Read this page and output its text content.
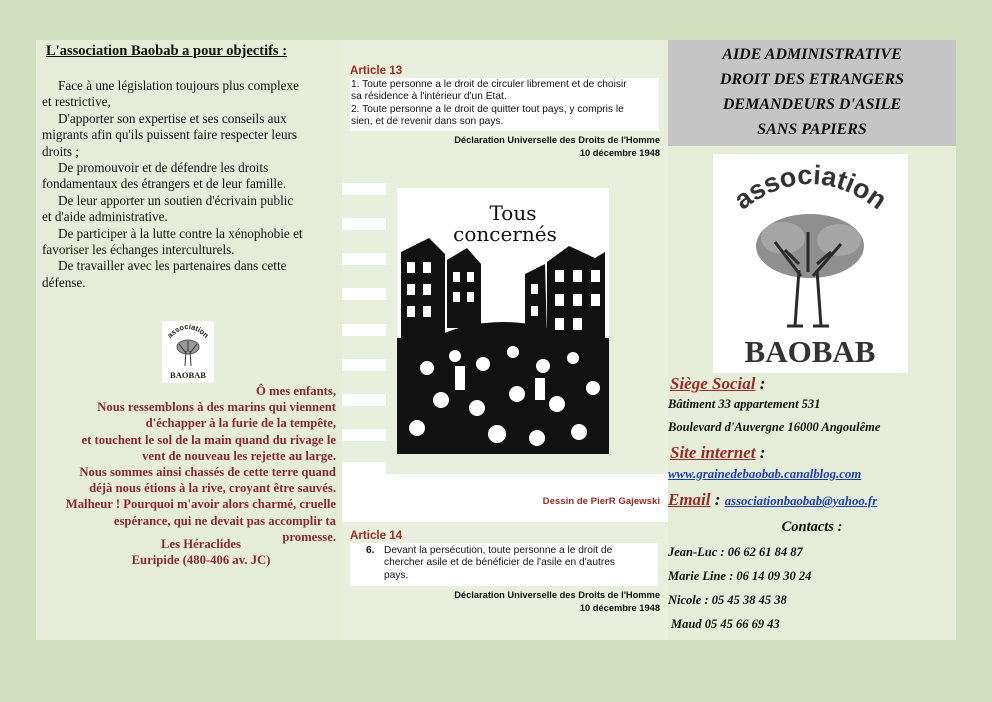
L'association Baobab a pour objectifs :

Face à une législation toujours plus complexe
et restrictive,

D'apporter son expertise et ses conseils aux
migrants afin qu'ils puissent faire respecter leurs
droits ;

De promouvoir et de défendre les droits
fondamentaux des étrangers et de leur famille.

De leur apporter un soutien d'écrivain public
et d'aide administrative.

De participer à la lutte contre la xénophobie et
favoriser les échanges interculturels.

De travailler avec les partenaires dans cette
défense.

association
BAOBAB
Ô mes enfants,
Nous ressemblons à des marins qui viennent
d'échapper à la furie de la tempête,
et touchent le sol de la main quand du rivage le
vent de nouveau les rejette au large.
Nous sommes ainsi chassés de cette terre quand
déjà nous étions à la rive, croyant être sauvés.
Malheur ! Pourquoi m'avoir alors charmé, cruelle
espérance, qui ne devait pas accomplir ta
promesse.
Les Héraclides
Euripide (480-406 av. JC)
Article 13
1. Toute personne a le droit de circuler librement et de choisir
sa résidence à l'intérieur d'un Etat.
2. Toute personne a le droit de quitter tout pays, y compris le
sien, et de revenir dans son pays.
Déclaration Universelle des Droits de l'Homme
10 décembre 1948
Tous
concernés
Dessin de PierR Gajewski
Article 14
6. Devant la persécution, toute personne a le droit de
chercher asile et de bénéficier de l'asile en d'autres
pays.
Déclaration Universelle des Droits de l'Homme
10 décembre 1948
AIDE ADMINISTRATIVE
DROIT DES ETRANGERS
DEMANDEURS D'ASILE
SANS PAPIERS
association
BAOBAB
Siège Social :
Bâtiment 33 appartement 531
Boulevard d'Auvergne 16000 Angoulême
Site internet :
www.grainedebaobab.canalblog.com
Email : associationbaobab@yahoo.fr
Contacts :
Jean-Luc : 06 62 61 84 87
Marie Line : 06 14 09 30 24
Nicole : 05 45 38 45 38
Maud 05 45 66 69 43
